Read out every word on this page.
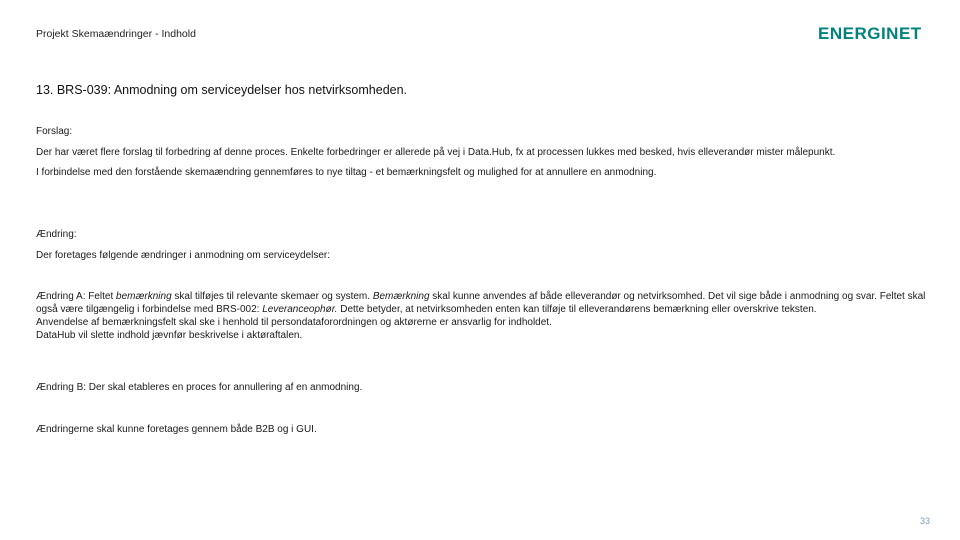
Projekt Skemaændringer - Indhold	ENERGINET
13. BRS-039: Anmodning om serviceydelser hos netvirksomheden.

Forslag:

Der har været flere forslag til forbedring af denne proces. Enkelte forbedringer er allerede på vej i Data.Hub, fx at processen lukkes med besked, hvis elleverandør mister målepunkt.

I forbindelse med den forstående skemaændring gennemføres to nye tiltag - et bemærkningsfelt og mulighed for at annullere en anmodning.

Ændring:

Der foretages følgende ændringer i anmodning om serviceydelser:

Ændring A: Feltet bemærkning skal tilføjes til relevante skemaer og system. Bemærkning skal kunne anvendes af både elleverandør og netvirksomhed. Det vil sige både i anmodning og svar. Feltet skal også være tilgængelig i forbindelse med BRS-002: Leveranceophør. Dette betyder, at netvirksomheden enten kan tilføje til elleverandørens bemærkning eller overskrive teksten.
Anvendelse af bemærkningsfelt skal ske i henhold til persondataforordningen og aktørerne er ansvarlig for indholdet.
DataHub vil slette indhold jævnfør beskrivelse i aktøraftalen.

Ændring B: Der skal etableres en proces for annullering af en anmodning.

Ændringerne skal kunne foretages gennem både B2B og i GUI.

33
